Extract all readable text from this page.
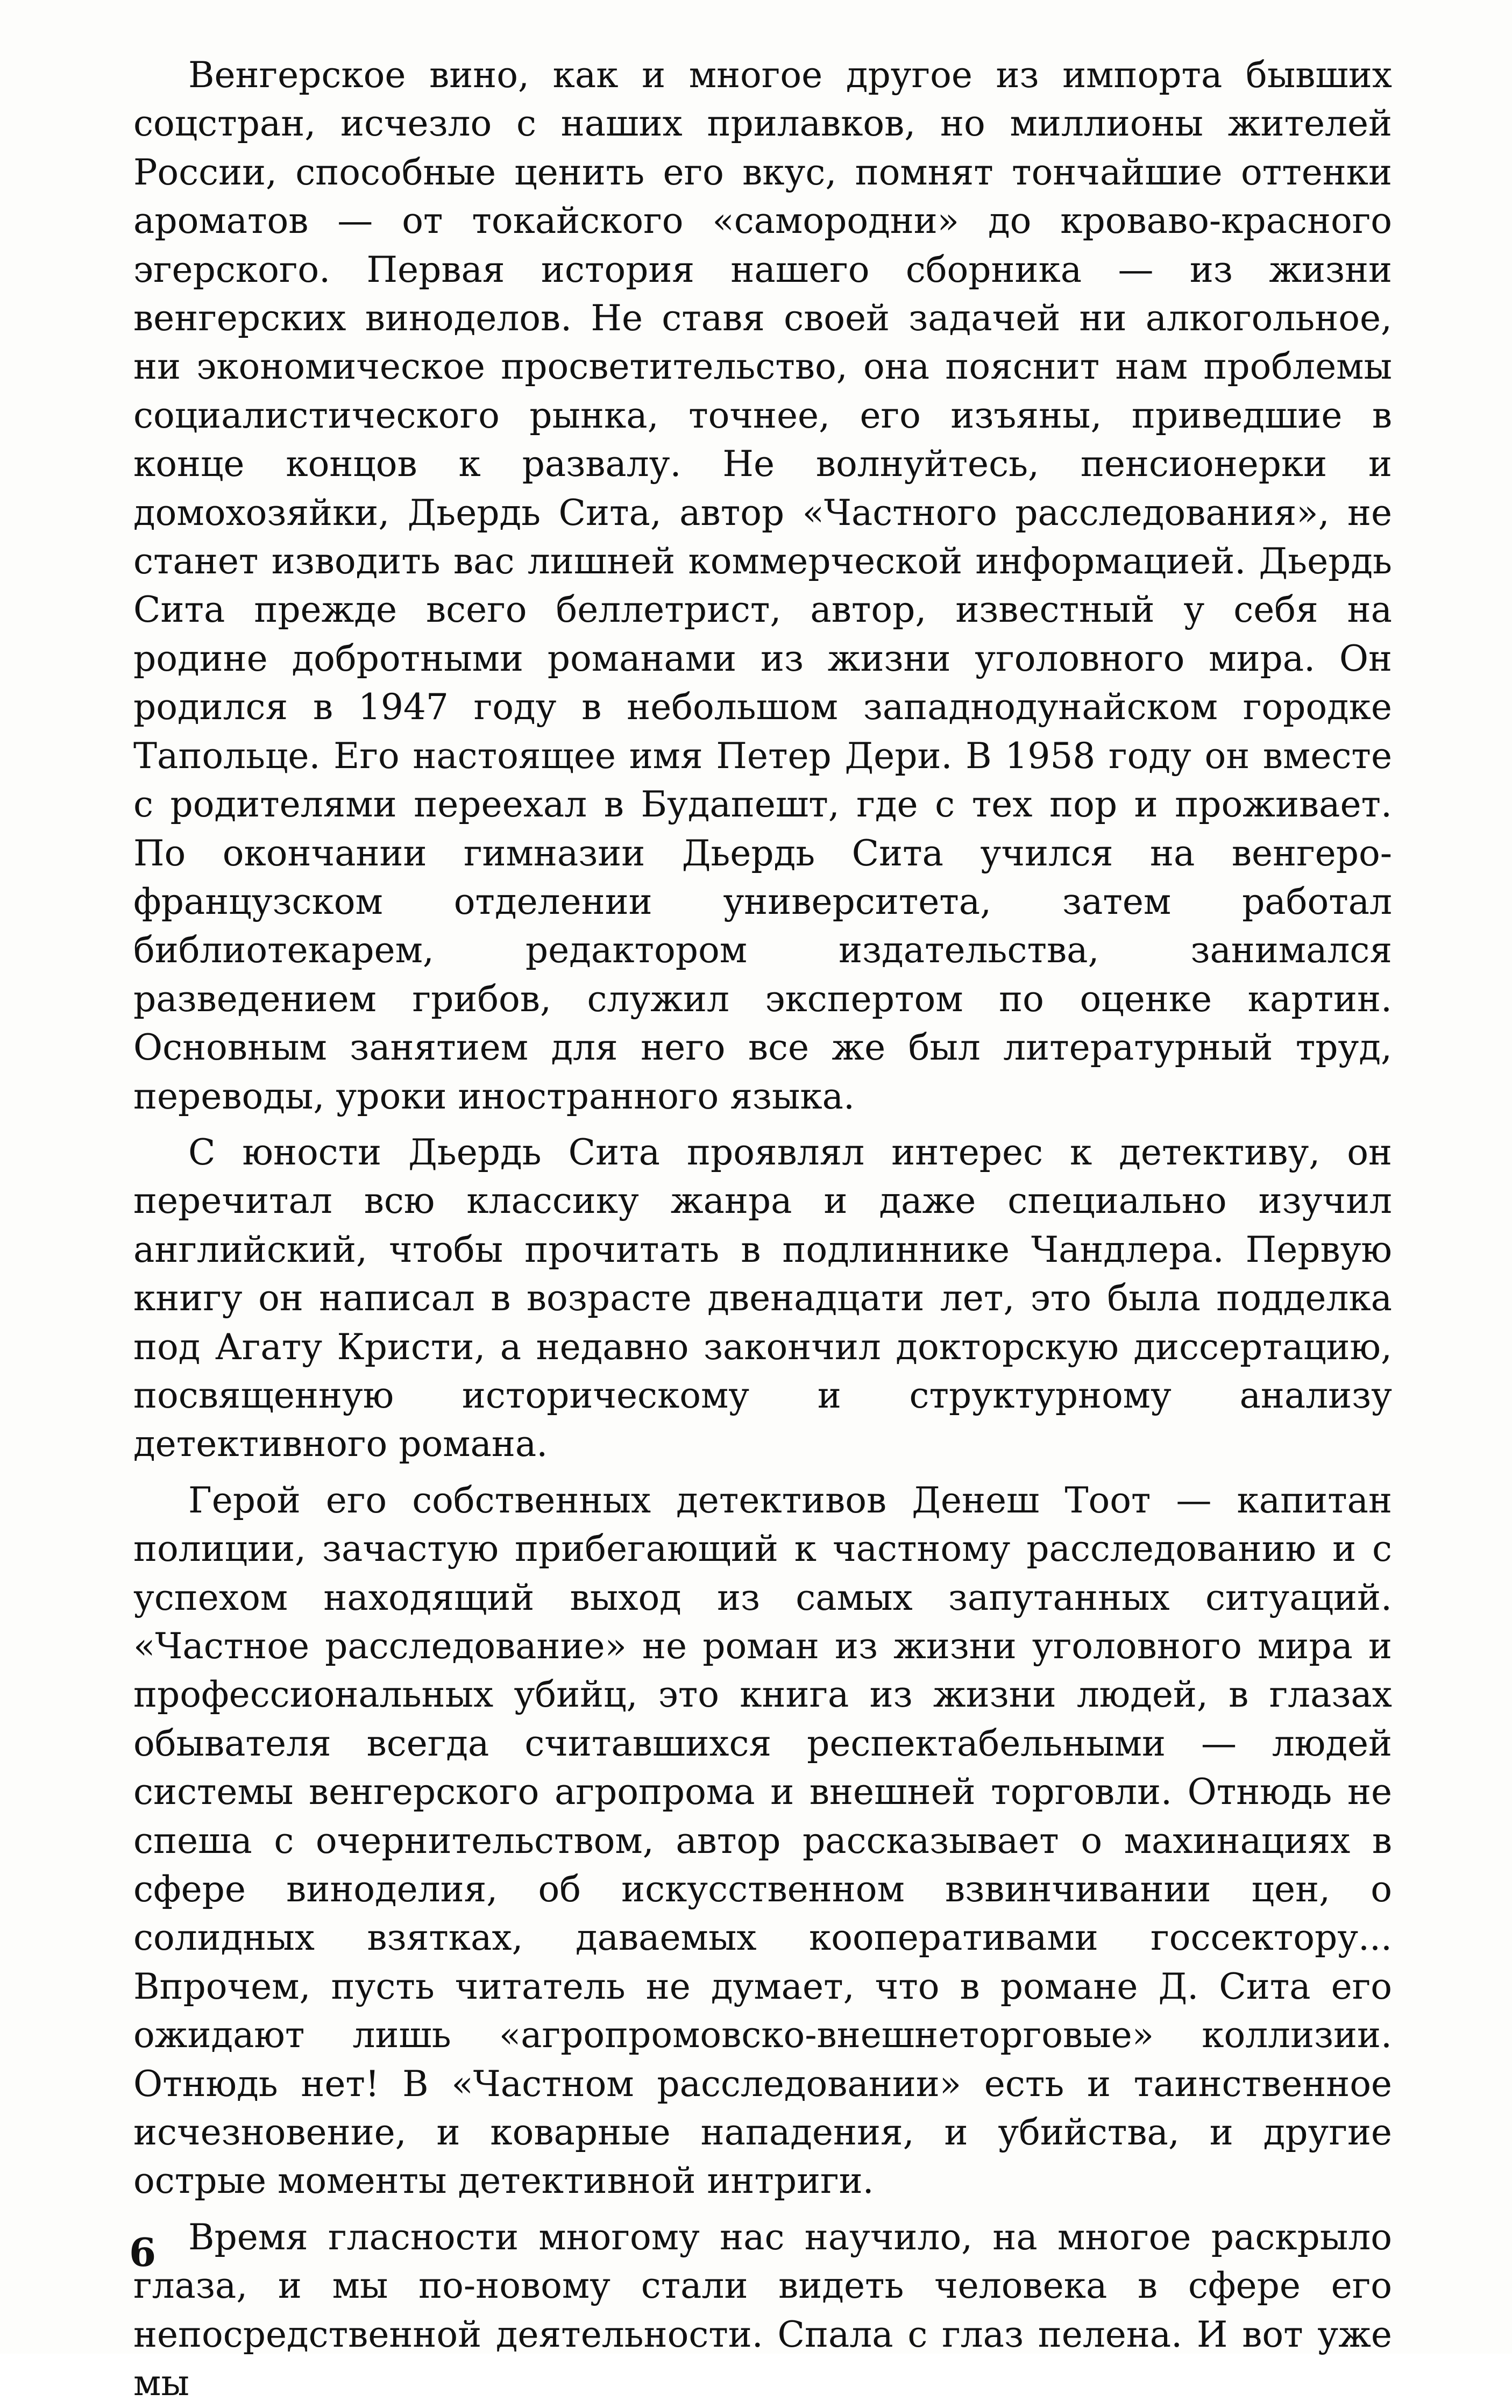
Венгерское вино, как и многое другое из импорта бывших соцстран, исчезло с наших прилавков, но миллионы жителей России, способные ценить его вкус, помнят тончайшие оттенки ароматов — от токайского «самородни» до кроваво-красного эгерского. Первая история нашего сборника — из жизни венгерских виноделов. Не ставя своей задачей ни алкогольное, ни экономическое просветительство, она пояснит нам проблемы социалистического рынка, точнее, его изъяны, приведшие в конце концов к развалу. Не волнуйтесь, пенсионерки и домохозяйки, Дьердь Сита, автор «Частного расследования», не станет изводить вас лишней коммерческой информацией. Дьердь Сита прежде всего беллетрист, автор, известный у себя на родине добротными романами из жизни уголовного мира. Он родился в 1947 году в небольшом западнодунайском городке Тапольце. Его настоящее имя Петер Дери. В 1958 году он вместе с родителями переехал в Будапешт, где с тех пор и проживает. По окончании гимназии Дьердь Сита учился на венгеро-французском отделении университета, затем работал библиотекарем, редактором издательства, занимался разведением грибов, служил экспертом по оценке картин. Основным занятием для него все же был литературный труд, переводы, уроки иностранного языка.

С юности Дьердь Сита проявлял интерес к детективу, он перечитал всю классику жанра и даже специально изучил английский, чтобы прочитать в подлиннике Чандлера. Первую книгу он написал в возрасте двенадцати лет, это была подделка под Агату Кристи, а недавно закончил докторскую диссертацию, посвященную историческому и структурному анализу детективного романа.

Герой его собственных детективов Денеш Тоот — капитан полиции, зачастую прибегающий к частному расследованию и с успехом находящий выход из самых запутанных ситуаций. «Частное расследование» не роман из жизни уголовного мира и профессиональных убийц, это книга из жизни людей, в глазах обывателя всегда считавшихся респектабельными — людей системы венгерского агропрома и внешней торговли. Отнюдь не спеша с очернительством, автор рассказывает о махинациях в сфере виноделия, об искусственном взвинчивании цен, о солидных взятках, даваемых кооперативами госсектору... Впрочем, пусть читатель не думает, что в романе Д. Сита его ожидают лишь «агропромовско-внешнеторговые» коллизии. Отнюдь нет! В «Частном расследовании» есть и таинственное исчезновение, и коварные нападения, и убийства, и другие острые моменты детективной интриги.

Время гласности многому нас научило, на многое раскрыло глаза, и мы по-новому стали видеть человека в сфере его непосредственной деятельности. Спала с глаз пелена. И вот уже мы

6
